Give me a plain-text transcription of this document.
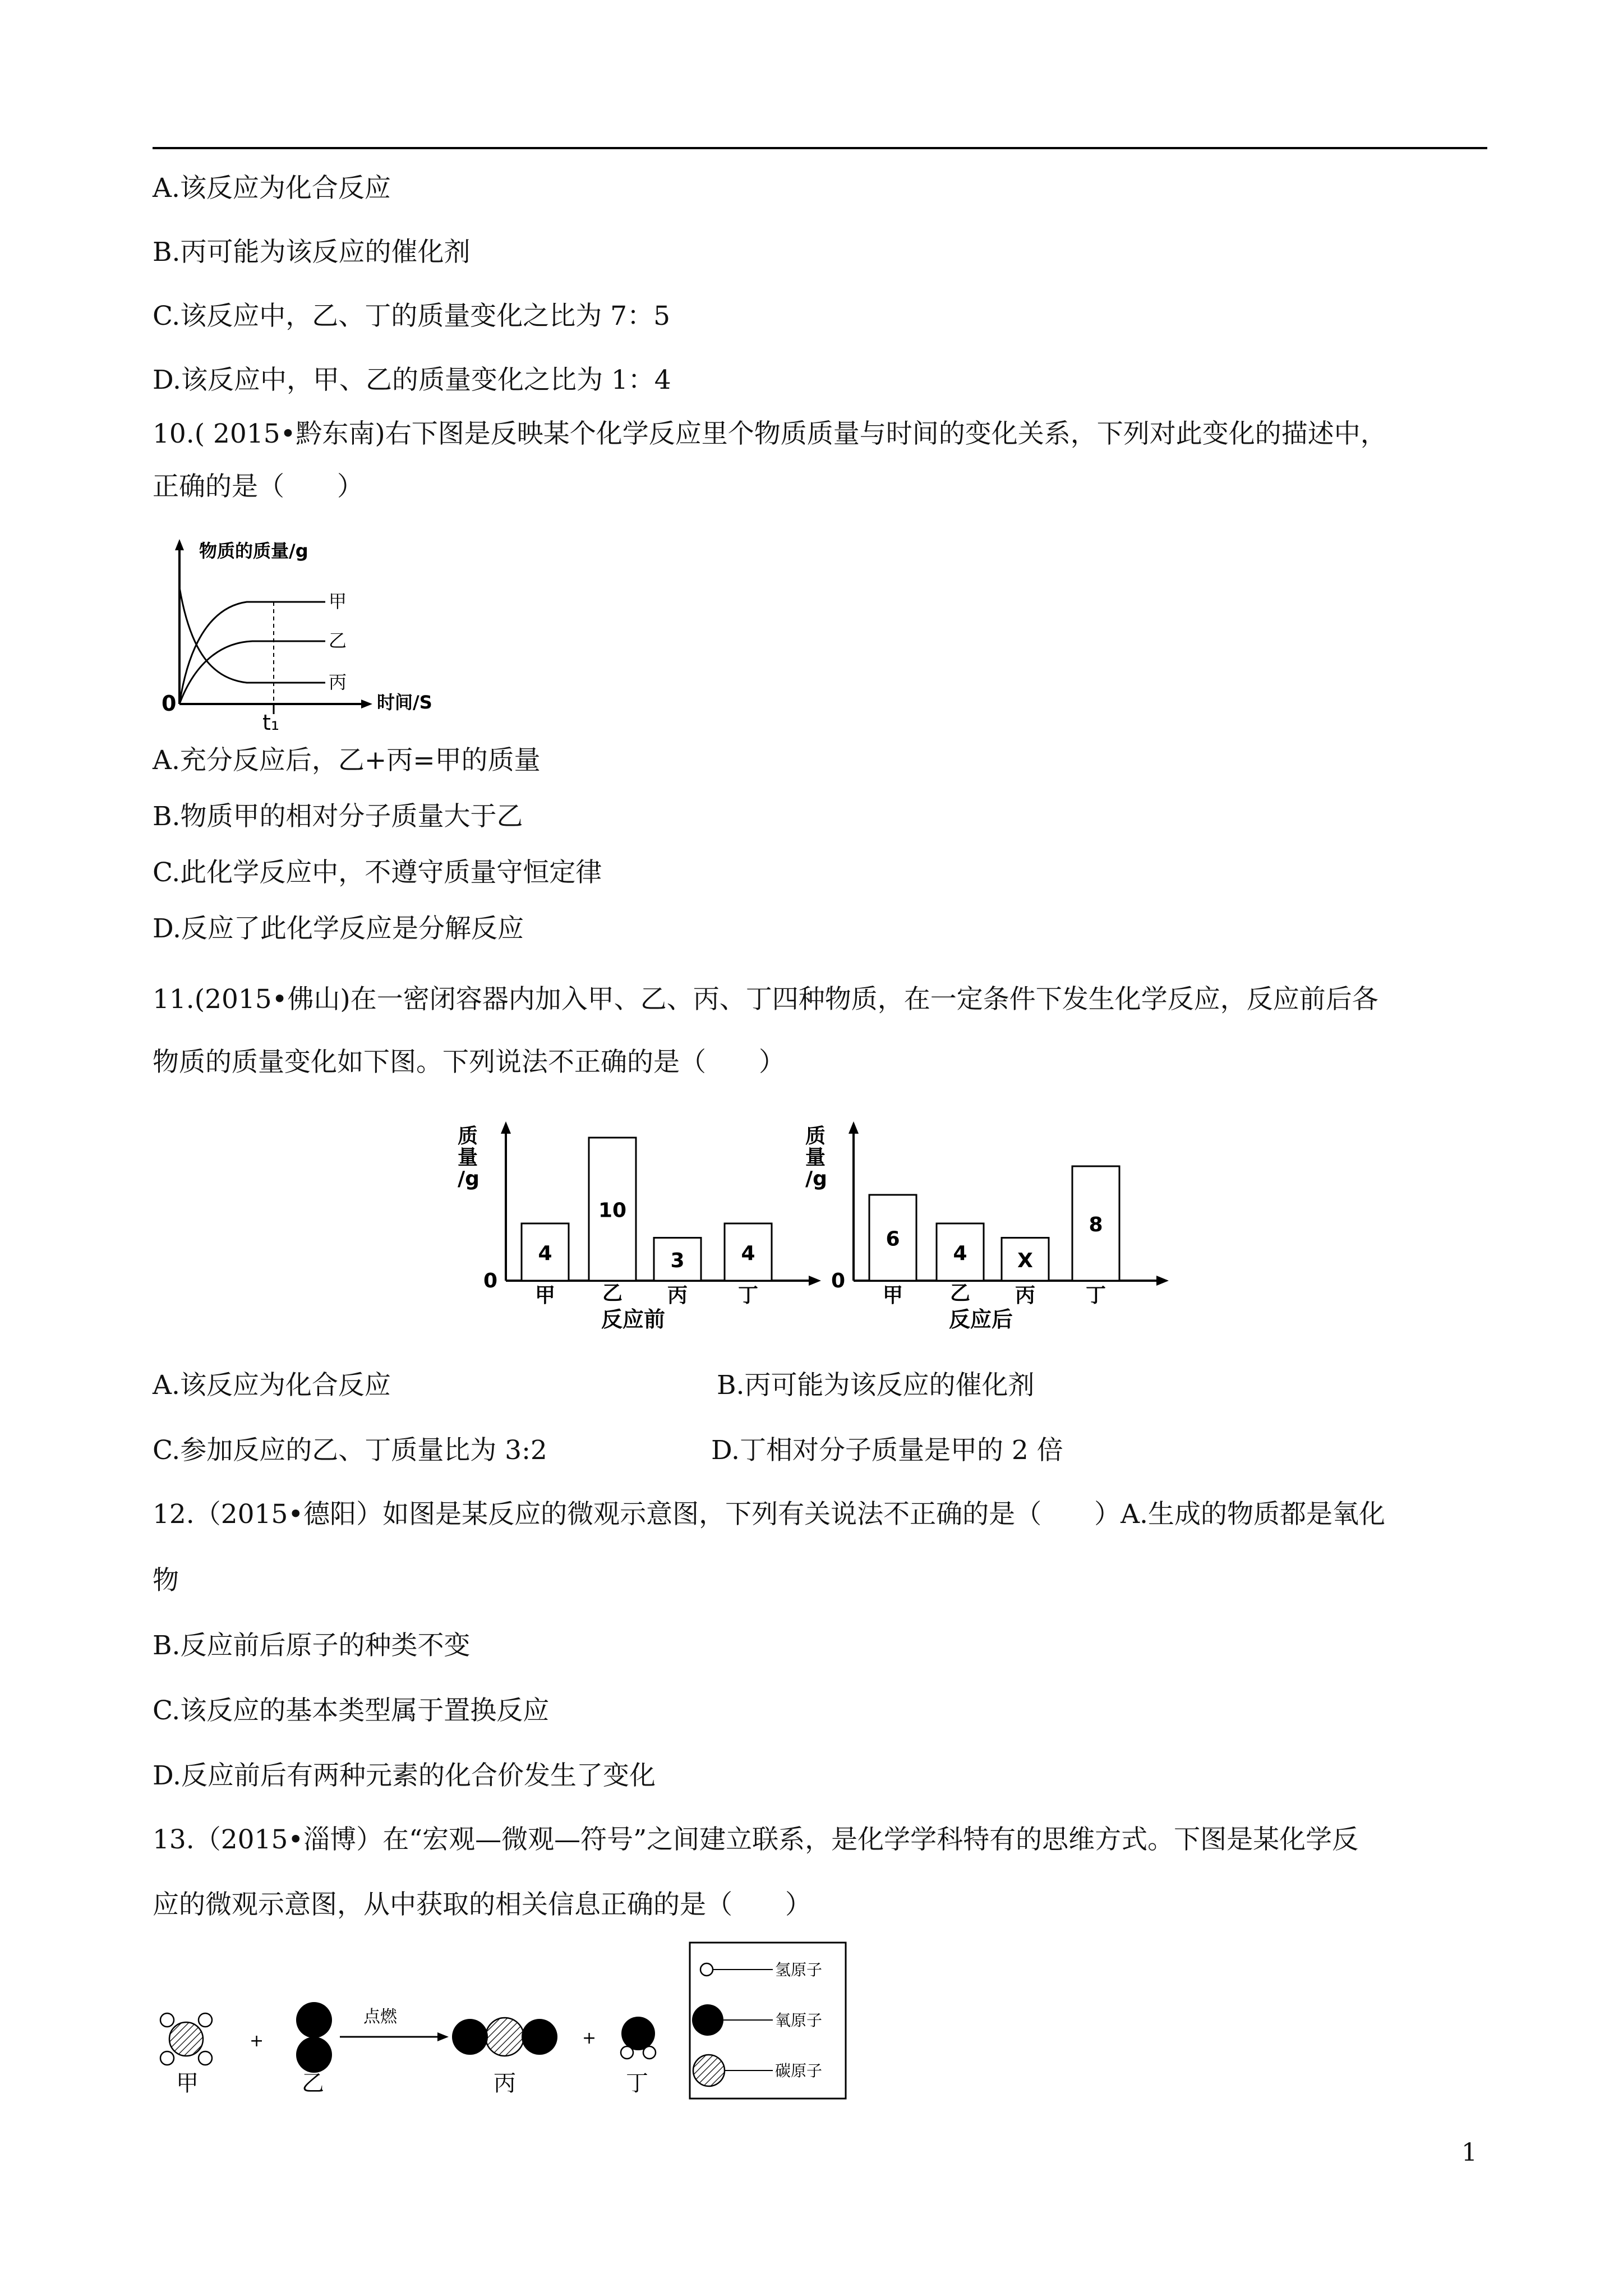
A.该反应为化合反应
B.丙可能为该反应的催化剂
C.该反应中，乙、丁的质量变化之比为 7：5
D.该反应中，甲、乙的质量变化之比为 1：4
10.( 2015•黔东南)右下图是反映某个化学反应里个物质质量与时间的变化关系，下列对此变化的描述中，
正确的是（　　）
物质的质量/g
时间/S
0
t₁
甲
乙
丙
A.充分反应后，乙+丙=甲的质量
B.物质甲的相对分子质量大于乙
C.此化学反应中，不遵守质量守恒定律
D.反应了此化学反应是分解反应
11.(2015•佛山)在一密闭容器内加入甲、乙、丙、丁四种物质，在一定条件下发生化学反应，反应前后各
物质的质量变化如下图。下列说法不正确的是（　　）
质
量
/g
0
4
甲
10
乙
3
丙
4
丁
反应前
质
量
/g
0
6
甲
4
乙
X
丙
8
丁
反应后
A.该反应为化合反应	B.丙可能为该反应的催化剂
C.参加反应的乙、丁质量比为 3:2	D.丁相对分子质量是甲的 2 倍
12.（2015•德阳）如图是某反应的微观示意图，下列有关说法不正确的是（　　）A.生成的物质都是氧化
物
B.反应前后原子的种类不变
C.该反应的基本类型属于置换反应
D.反应前后有两种元素的化合价发生了变化
13.（2015•淄博）在“宏观—微观—符号”之间建立联系，是化学学科特有的思维方式。下图是某化学反
应的微观示意图，从中获取的相关信息正确的是（　　）
+
点燃
+
甲	乙	丙	丁
氢原子
氧原子
碳原子
1
